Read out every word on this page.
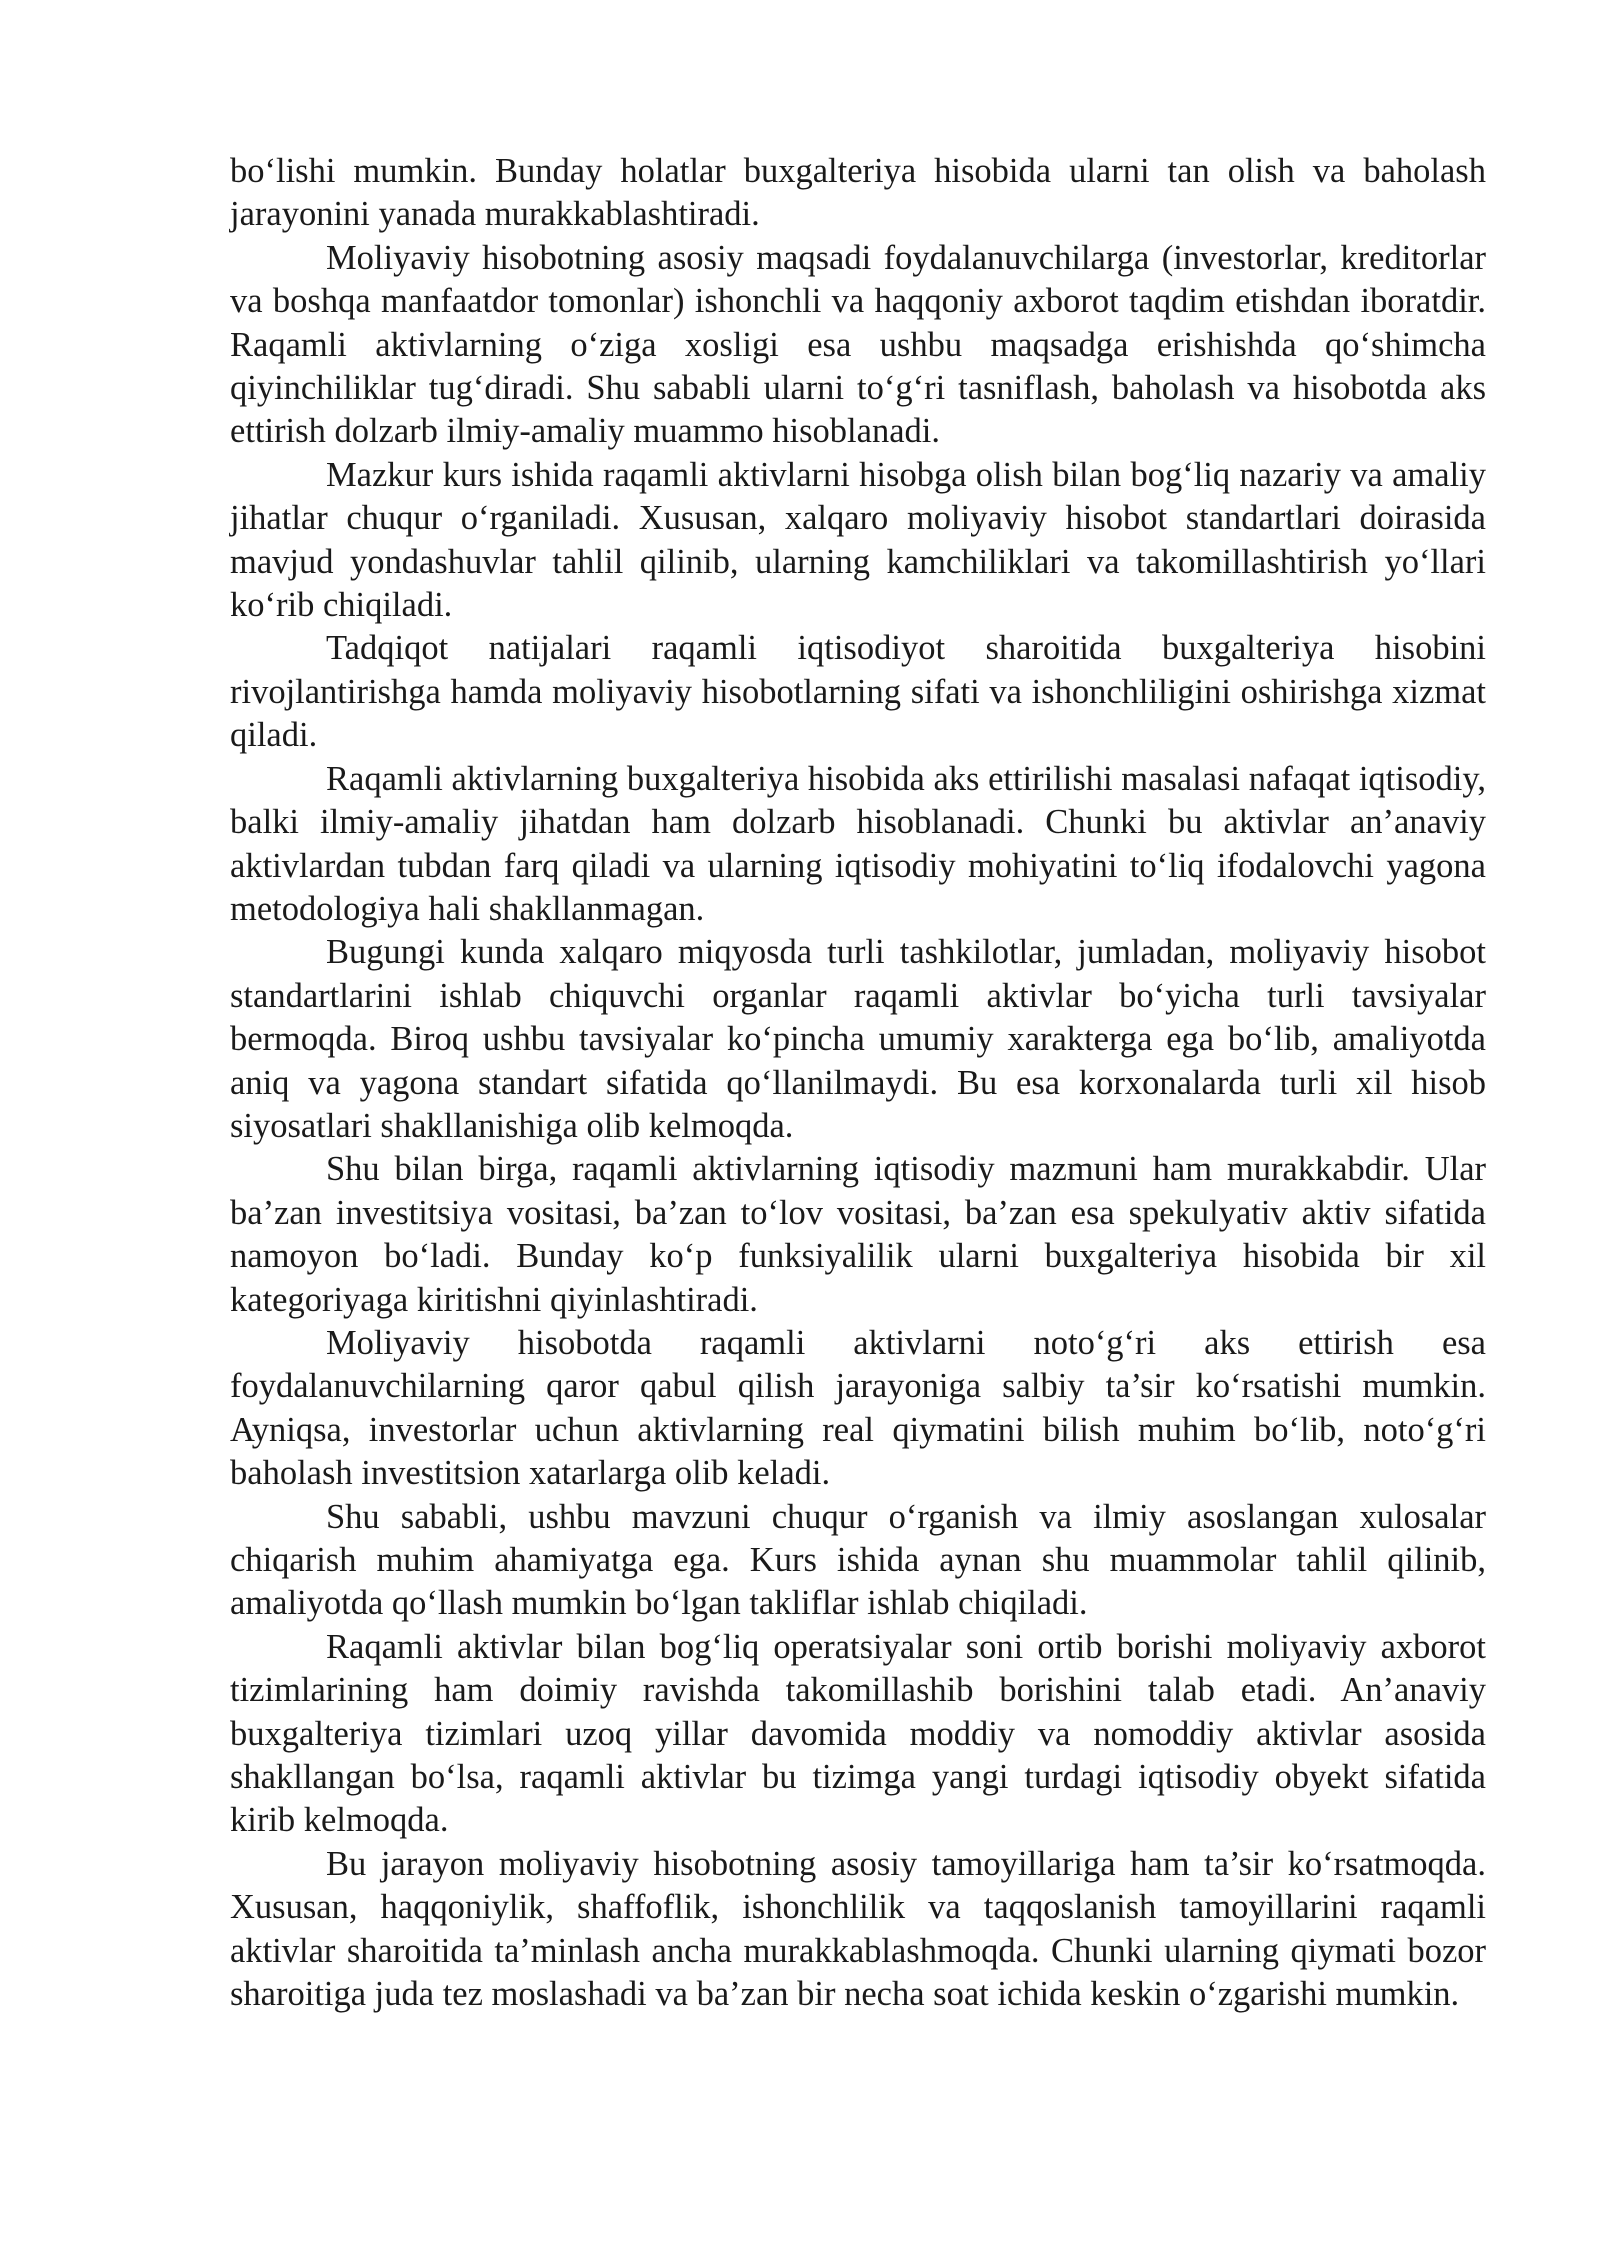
bo‘lishi mumkin. Bunday holatlar buxgalteriya hisobida ularni tan olish va baholash jarayonini yanada murakkablashtiradi.

Moliyaviy hisobotning asosiy maqsadi foydalanuvchilarga (investorlar, kreditorlar va boshqa manfaatdor tomonlar) ishonchli va haqqoniy axborot taqdim etishdan iboratdir. Raqamli aktivlarning o‘ziga xosligi esa ushbu maqsadga erishishda qo‘shimcha qiyinchiliklar tug‘diradi. Shu sababli ularni to‘g‘ri tasniflash, baholash va hisobotda aks ettirish dolzarb ilmiy-amaliy muammo hisoblanadi.

Mazkur kurs ishida raqamli aktivlarni hisobga olish bilan bog‘liq nazariy va amaliy jihatlar chuqur o‘rganiladi. Xususan, xalqaro moliyaviy hisobot standartlari doirasida mavjud yondashuvlar tahlil qilinib, ularning kamchiliklari va takomillashtirish yo‘llari ko‘rib chiqiladi.

Tadqiqot natijalari raqamli iqtisodiyot sharoitida buxgalteriya hisobini rivojlantirishga hamda moliyaviy hisobotlarning sifati va ishonchliligini oshirishga xizmat qiladi.

Raqamli aktivlarning buxgalteriya hisobida aks ettirilishi masalasi nafaqat iqtisodiy, balki ilmiy-amaliy jihatdan ham dolzarb hisoblanadi. Chunki bu aktivlar an’anaviy aktivlardan tubdan farq qiladi va ularning iqtisodiy mohiyatini to‘liq ifodalovchi yagona metodologiya hali shakllanmagan.

Bugungi kunda xalqaro miqyosda turli tashkilotlar, jumladan, moliyaviy hisobot standartlarini ishlab chiquvchi organlar raqamli aktivlar bo‘yicha turli tavsiyalar bermoqda. Biroq ushbu tavsiyalar ko‘pincha umumiy xarakterga ega bo‘lib, amaliyotda aniq va yagona standart sifatida qo‘llanilmaydi. Bu esa korxonalarda turli xil hisob siyosatlari shakllanishiga olib kelmoqda.

Shu bilan birga, raqamli aktivlarning iqtisodiy mazmuni ham murakkabdir. Ular ba’zan investitsiya vositasi, ba’zan to‘lov vositasi, ba’zan esa spekulyativ aktiv sifatida namoyon bo‘ladi. Bunday ko‘p funksiyalilik ularni buxgalteriya hisobida bir xil kategoriyaga kiritishni qiyinlashtiradi.

Moliyaviy hisobotda raqamli aktivlarni noto‘g‘ri aks ettirish esa foydalanuvchilarning qaror qabul qilish jarayoniga salbiy ta’sir ko‘rsatishi mumkin. Ayniqsa, investorlar uchun aktivlarning real qiymatini bilish muhim bo‘lib, noto‘g‘ri baholash investitsion xatarlarga olib keladi.

Shu sababli, ushbu mavzuni chuqur o‘rganish va ilmiy asoslangan xulosalar chiqarish muhim ahamiyatga ega. Kurs ishida aynan shu muammolar tahlil qilinib, amaliyotda qo‘llash mumkin bo‘lgan takliflar ishlab chiqiladi.

Raqamli aktivlar bilan bog‘liq operatsiyalar soni ortib borishi moliyaviy axborot tizimlarining ham doimiy ravishda takomillashib borishini talab etadi. An’anaviy buxgalteriya tizimlari uzoq yillar davomida moddiy va nomoddiy aktivlar asosida shakllangan bo‘lsa, raqamli aktivlar bu tizimga yangi turdagi iqtisodiy obyekt sifatida kirib kelmoqda.

Bu jarayon moliyaviy hisobotning asosiy tamoyillariga ham ta’sir ko‘rsatmoqda. Xususan, haqqoniylik, shaffoflik, ishonchlilik va taqqoslanish tamoyillarini raqamli aktivlar sharoitida ta’minlash ancha murakkablashmoqda. Chunki ularning qiymati bozor sharoitiga juda tez moslashadi va ba’zan bir necha soat ichida keskin o‘zgarishi mumkin.
